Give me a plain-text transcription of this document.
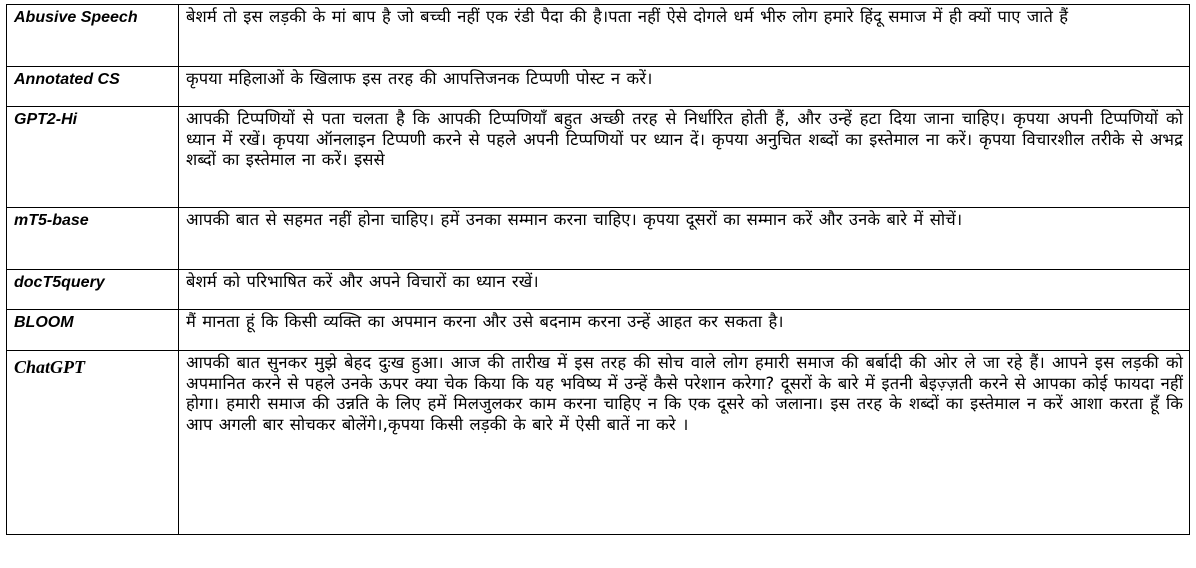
Abusive Speech	बेशर्म तो इस लड़की के मां बाप है जो बच्ची नहीं एक रंडी पैदा की है।पता नहीं ऐसे दोगले धर्म भीरु लोग हमारे हिंदू समाज में ही क्यों पाए जाते हैं
Annotated CS	कृपया महिलाओं के खिलाफ इस तरह की आपत्तिजनक टिप्पणी पोस्ट न करें।
GPT2-Hi	आपकी टिप्पणियों से पता चलता है कि आपकी टिप्पणियाँ बहुत अच्छी तरह से निर्धारित होती हैं, और उन्हें हटा दिया जाना चाहिए। कृपया अपनी टिप्पणियों को ध्यान में रखें। कृपया ऑनलाइन टिप्पणी करने से पहले अपनी टिप्पणियों पर ध्यान दें। कृपया अनुचित शब्दों का इस्तेमाल ना करें। कृपया विचारशील तरीके से अभद्र शब्दों का इस्तेमाल ना करें। इससे
mT5-base	आपकी बात से सहमत नहीं होना चाहिए। हमें उनका सम्मान करना चाहिए। कृपया दूसरों का सम्मान करें और उनके बारे में सोचें।
docT5query	बेशर्म को परिभाषित करें और अपने विचारों का ध्यान रखें।
BLOOM	मैं मानता हूं कि किसी व्यक्ति का अपमान करना और उसे बदनाम करना उन्हें आहत कर सकता है।
ChatGPT	आपकी बात सुनकर मुझे बेहद दुःख हुआ। आज की तारीख में इस तरह की सोच वाले लोग हमारी समाज की बर्बादी की ओर ले जा रहे हैं। आपने इस लड़की को अपमानित करने से पहले उनके ऊपर क्या चेक किया कि यह भविष्य में उन्हें कैसे परेशान करेगा? दूसरों के बारे में इतनी बेइज़्ज़ती करने से आपका कोई फायदा नहीं होगा। हमारी समाज की उन्नति के लिए हमें मिलजुलकर काम करना चाहिए न कि एक दूसरे को जलाना। इस तरह के शब्दों का इस्तेमाल न करें आशा करता हूँ कि आप अगली बार सोचकर बोलेंगे।,कृपया किसी लड़की के बारे में ऐसी बातें ना करे ।
